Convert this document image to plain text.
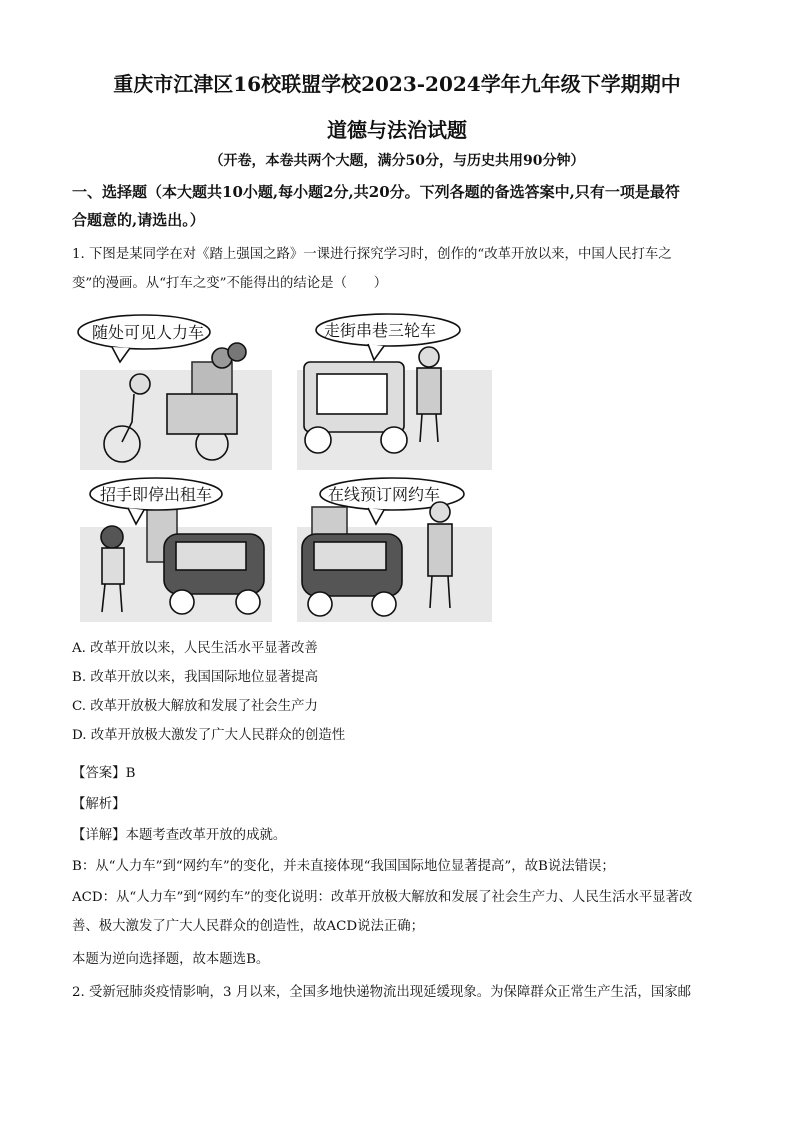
重庆市江津区16校联盟学校2023-2024学年九年级下学期期中
道德与法治试题
（开卷，本卷共两个大题，满分50分，与历史共用90分钟）
一、选择题（本大题共10小题,每小题2分,共20分。下列各题的备选答案中,只有一项是最符
合题意的,请选出。）
1. 下图是某同学在对《踏上强国之路》一课进行探究学习时，创作的“改革开放以来，中国人民打车之
变”的漫画。从“打车之变”不能得出的结论是（　　）
随处可见人力车	走街串巷三轮车
招手即停出租车	在线预订网约车
A. 改革开放以来，人民生活水平显著改善
B. 改革开放以来，我国国际地位显著提高
C. 改革开放极大解放和发展了社会生产力
D. 改革开放极大激发了广大人民群众的创造性
【答案】B
【解析】
【详解】本题考查改革开放的成就。
B：从“人力车”到“网约车”的变化，并未直接体现“我国国际地位显著提高”，故B说法错误；
ACD：从“人力车”到“网约车”的变化说明：改革开放极大解放和发展了社会生产力、人民生活水平显著改
善、极大激发了广大人民群众的创造性，故ACD说法正确；
本题为逆向选择题，故本题选B。
2. 受新冠肺炎疫情影响，3 月以来，全国多地快递物流出现延缓现象。为保障群众正常生产生活，国家邮
